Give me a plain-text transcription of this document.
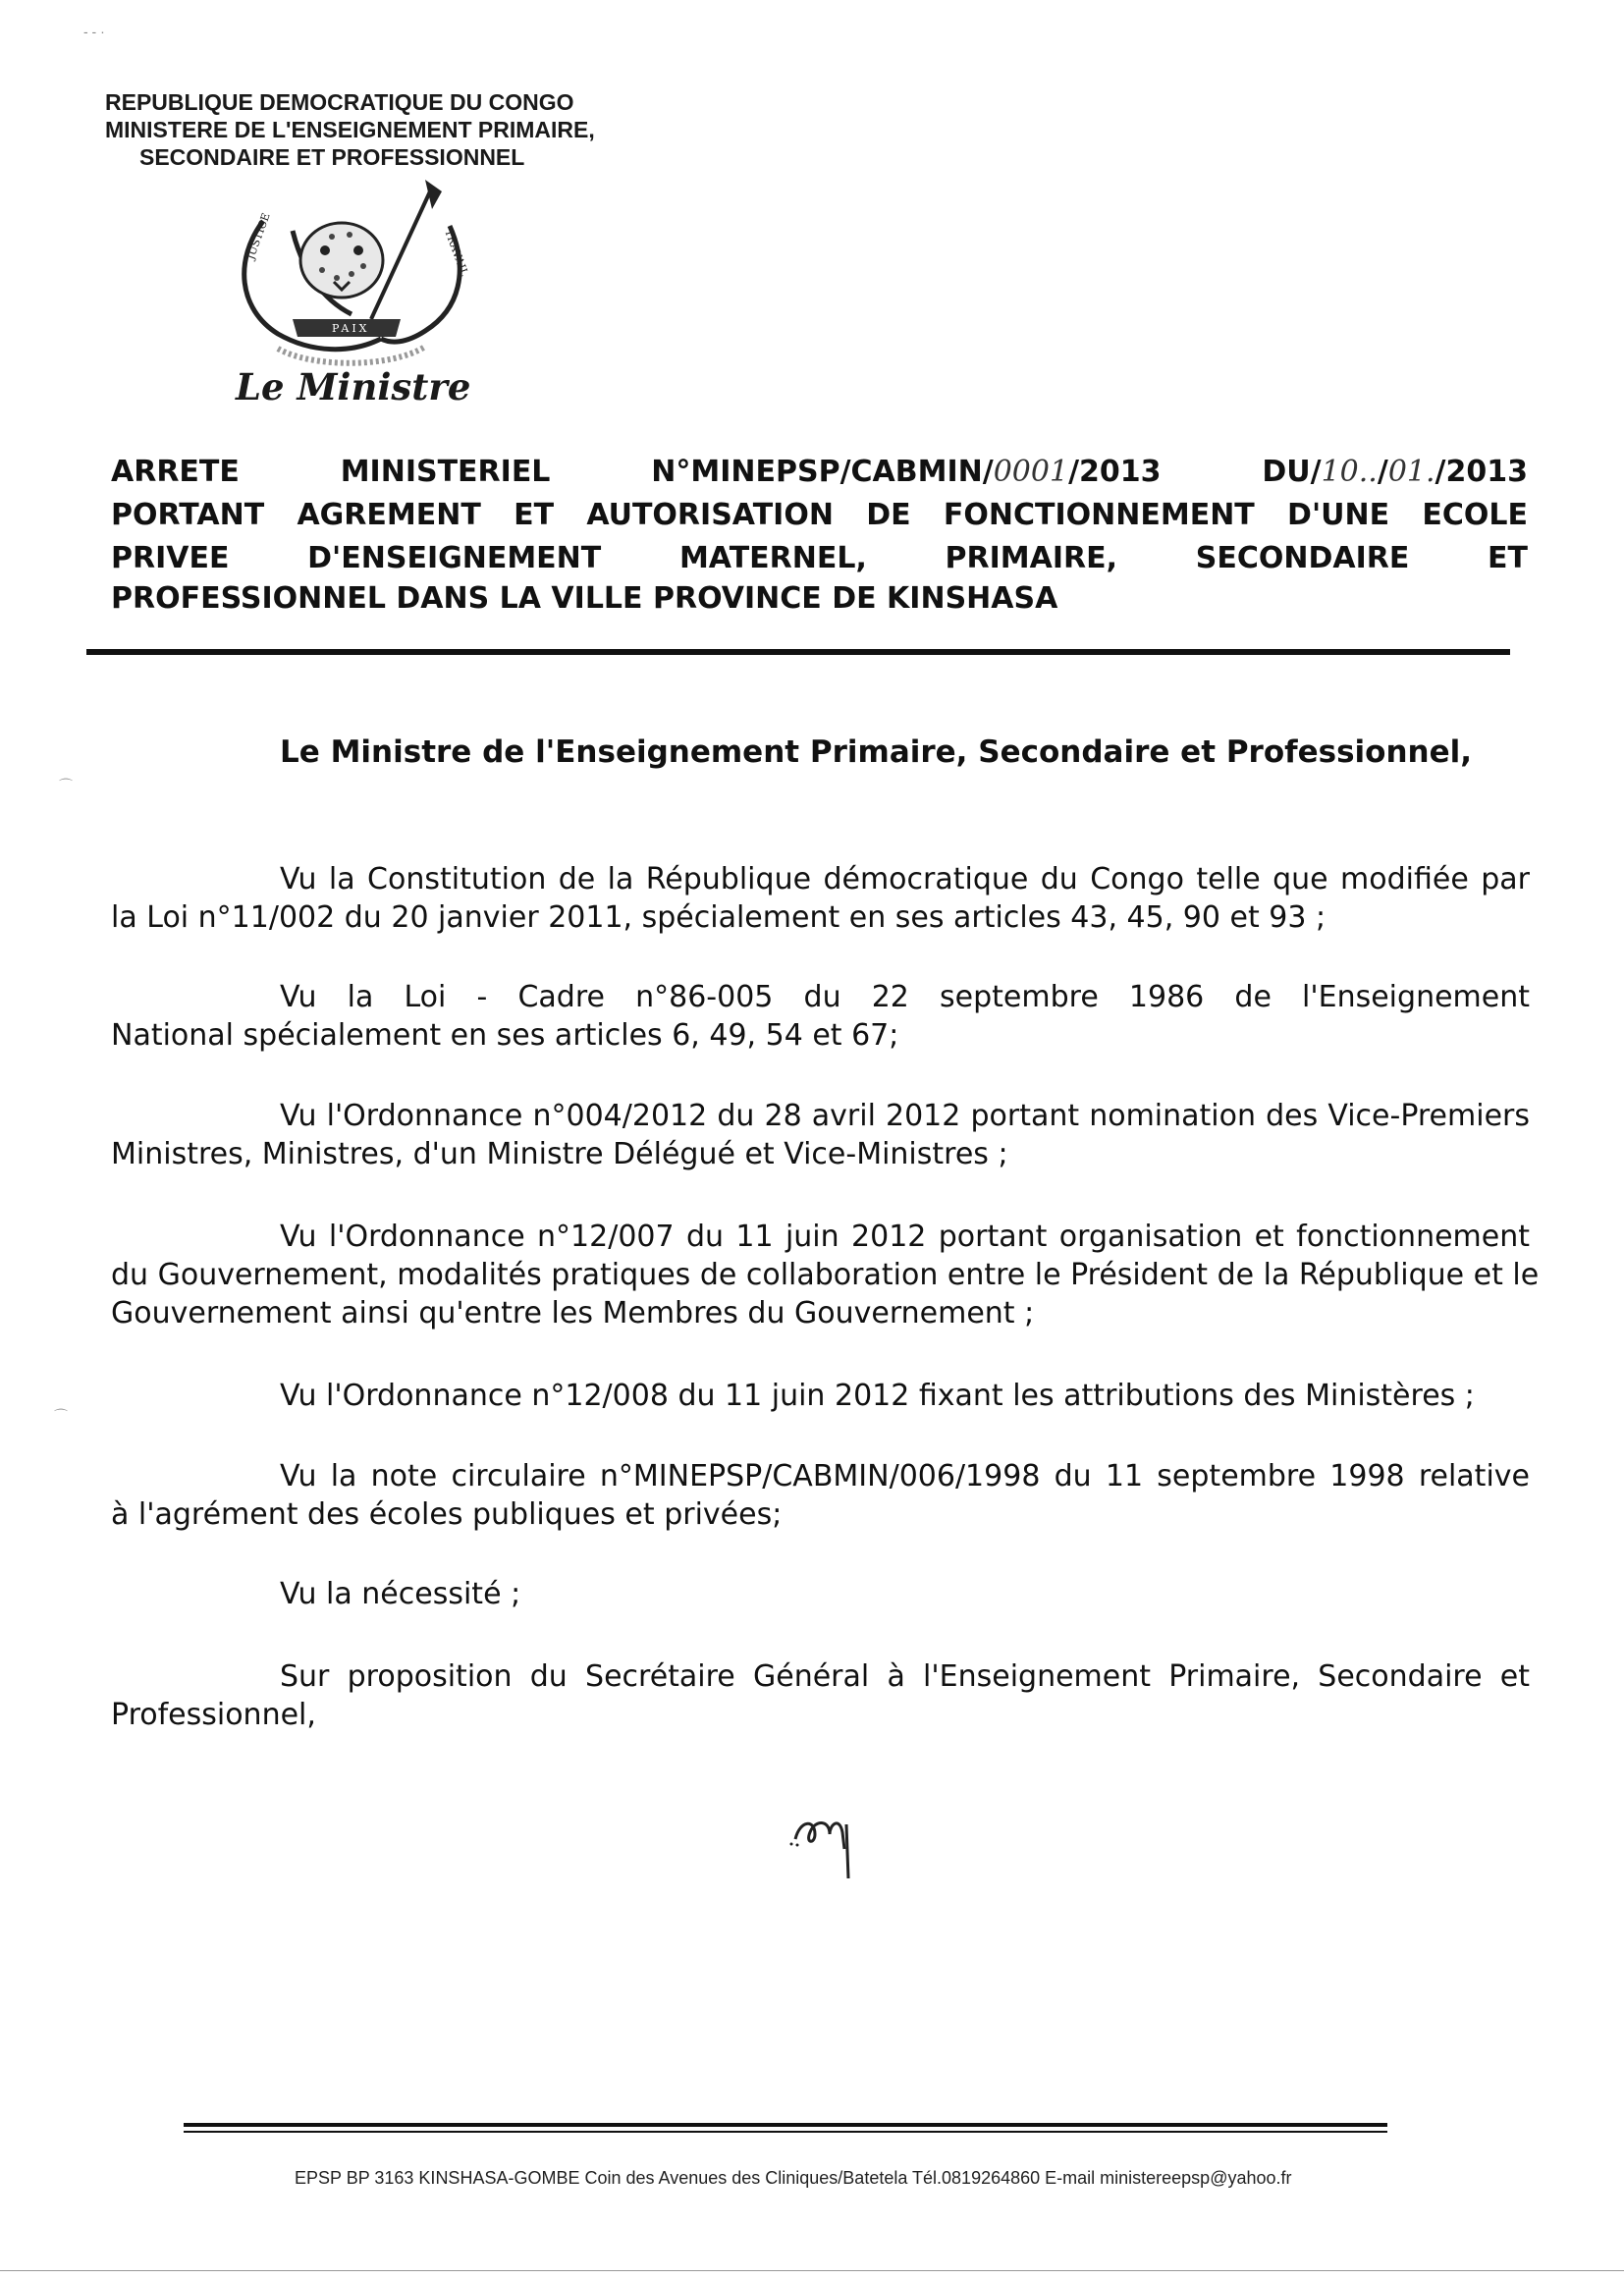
REPUBLIQUE DEMOCRATIQUE DU CONGO
MINISTERE DE L'ENSEIGNEMENT PRIMAIRE,
SECONDAIRE ET PROFESSIONNEL
JUSTICE
PAIX
TRAVAIL
Le Ministre
ARRETE	MINISTERIEL	N°MINEPSP/CABMIN/0001/2013	DU/10../01./2013
PORTANT AGREMENT ET AUTORISATION DE FONCTIONNEMENT D'UNE ECOLE
PRIVEE D'ENSEIGNEMENT MATERNEL, PRIMAIRE, SECONDAIRE ET
PROFESSIONNEL DANS LA VILLE PROVINCE DE KINSHASA
Le Ministre de l'Enseignement Primaire, Secondaire et Professionnel,
Vu la Constitution de la République démocratique du Congo telle que modifiée par
la Loi n°11/002 du 20 janvier 2011, spécialement en ses articles 43, 45, 90 et 93 ;
Vu la Loi - Cadre n°86-005 du 22 septembre 1986 de l'Enseignement
National spécialement en ses articles 6, 49, 54 et 67;
Vu l'Ordonnance n°004/2012 du 28 avril 2012 portant nomination des Vice-Premiers
Ministres, Ministres, d'un Ministre Délégué et Vice-Ministres ;
Vu l'Ordonnance n°12/007 du 11 juin 2012 portant organisation et fonctionnement
du Gouvernement, modalités pratiques de collaboration entre le Président de la République et le
Gouvernement ainsi qu'entre les Membres du Gouvernement ;
Vu l'Ordonnance n°12/008 du 11 juin 2012 fixant les attributions des Ministères ;
Vu la note circulaire n°MINEPSP/CABMIN/006/1998 du 11 septembre 1998 relative
à l'agrément des écoles publiques et privées;
Vu la nécessité ;
Sur proposition du Secrétaire Général à l'Enseignement Primaire, Secondaire et
Professionnel,
⌒
⌒
‐ ‐ ·
EPSP BP 3163 KINSHASA-GOMBE Coin des Avenues des Cliniques/Batetela Tél.0819264860 E-mail ministereepsp@yahoo.fr
